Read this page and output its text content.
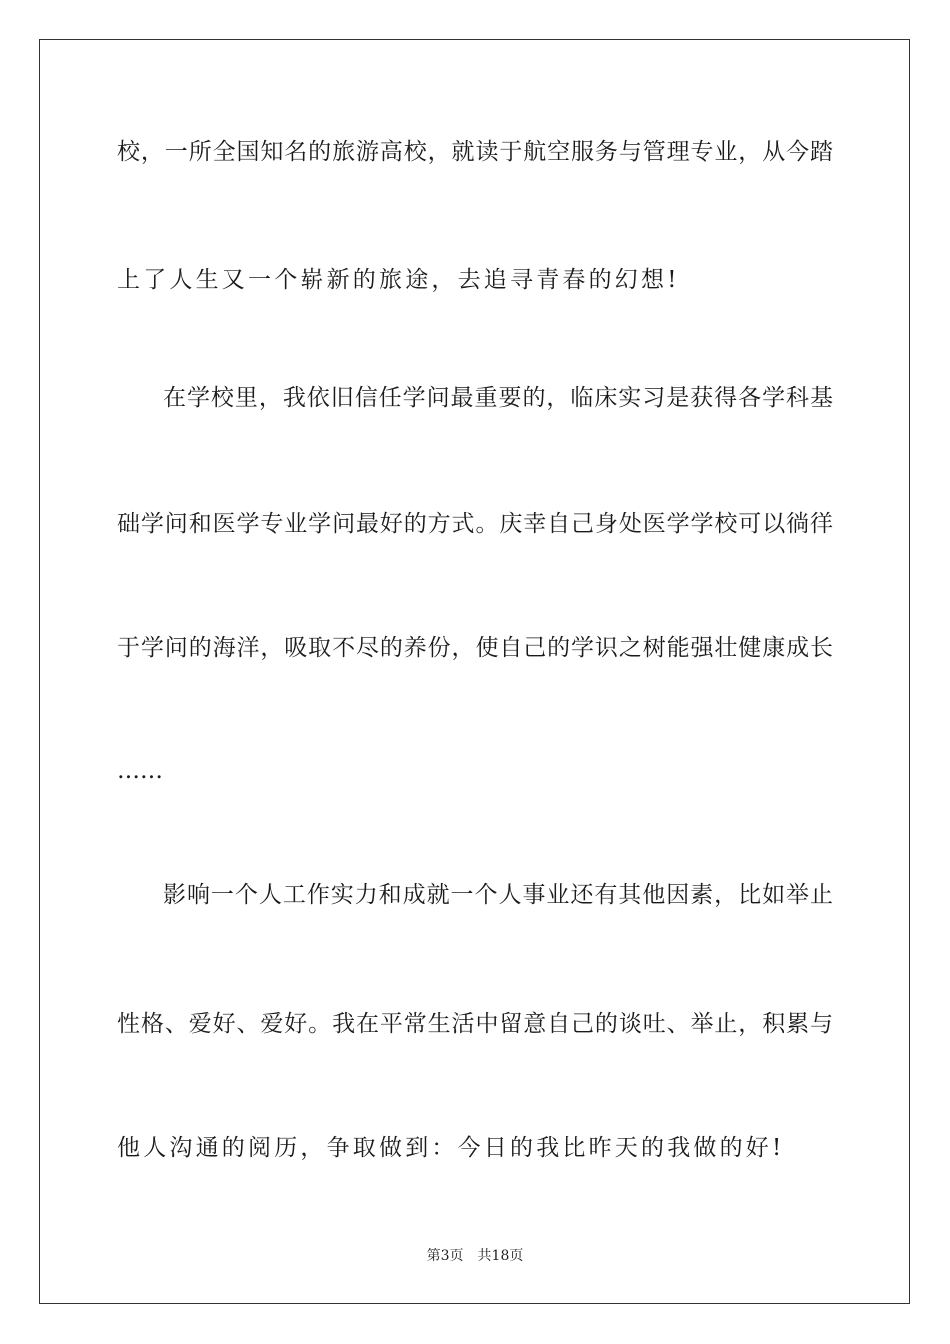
校，一所全国知名的旅游高校，就读于航空服务与管理专业，从今踏
上了人生又一个崭新的旅途，去追寻青春的幻想!
在学校里，我依旧信任学问最重要的，临床实习是获得各学科基
础学问和医学专业学问最好的方式。庆幸自己身处医学学校可以徜徉
于学问的海洋，吸取不尽的养份，使自己的学识之树能强壮健康成长
……
影响一个人工作实力和成就一个人事业还有其他因素，比如举止
性格、爱好、爱好。我在平常生活中留意自己的谈吐、举止，积累与
他人沟通的阅历，争取做到：今日的我比昨天的我做的好!
第3页 共18页
